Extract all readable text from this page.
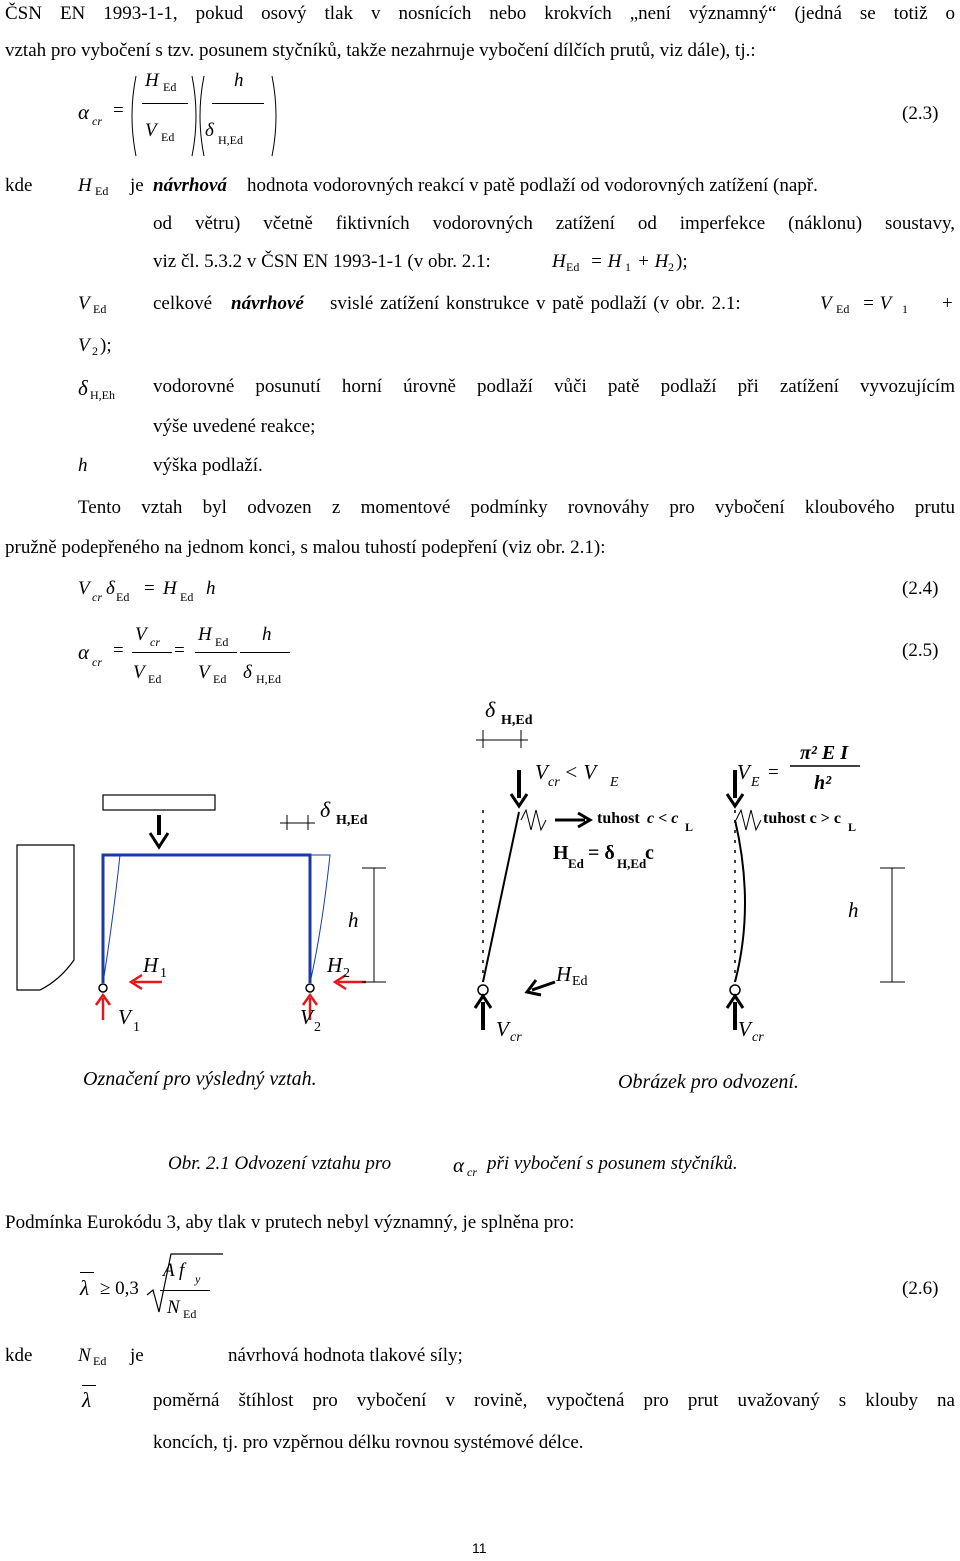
ČSN EN 1993-1-1, pokud osový tlak v nosnících nebo krokvích „není významný“ (jedná se totiž o
vztah pro vybočení s tzv. posunem styčníků, takže nezahrnuje vybočení dílčích prutů, viz dále), tj.:
α cr =
H Ed
V Ed
h
δ H,Ed
(2.3)
kde H Ed je návrhová hodnota vodorovných reakcí v patě podlaží od vodorovných zatížení (např.
od větru) včetně fiktivních vodorovných zatížení od imperfekce (náklonu) soustavy,
viz čl. 5.3.2 v ČSN EN 1993-1-1 (v obr. 2.1:	H Ed = H 1 + H 2 );
V Ed celkové návrhové svislé zatížení konstrukce v patě podlaží (v obr. 2.1:	V Ed = V 1 +
V 2 );
δ H,Eh vodorovné posunutí horní úrovně podlaží vůči patě podlaží při zatížení vyvozujícím
výše uvedené reakce;
h	výška podlaží.
Tento vztah byl odvozen z momentové podmínky rovnováhy pro vybočení kloubového prutu
pružně podepřeného na jednom konci, s malou tuhostí podepření (viz obr. 2.1):
V cr δ Ed = H Ed h	(2.4)
α cr
=
V cr
V Ed
=
H Ed
V Ed
h
δ H,Ed
(2.5)
δ H,Ed
h
H 1	H 2
V 1	V 2
Označení pro výsledný vztah.
δ H,Ed
V cr < V E	V E =
π² E I
h²
tuhost c < c L	tuhost c > c L
H Ed = δ H,Ed
c
h
H Ed
V cr	V cr
Obrázek pro odvození.
Obr. 2.1 Odvození vztahu pro	α cr při vybočení s posunem styčníků.
Podmínka Eurokódu 3, aby tlak v prutech nebyl významný, je splněna pro:
λ ≥ 0,3
A f y
N Ed
(2.6)
kde N Ed je	návrhová hodnota tlakové síly;
λ	poměrná štíhlost pro vybočení v rovině, vypočtená pro prut uvažovaný s klouby na
koncích, tj. pro vzpěrnou délku rovnou systémové délce.
11
